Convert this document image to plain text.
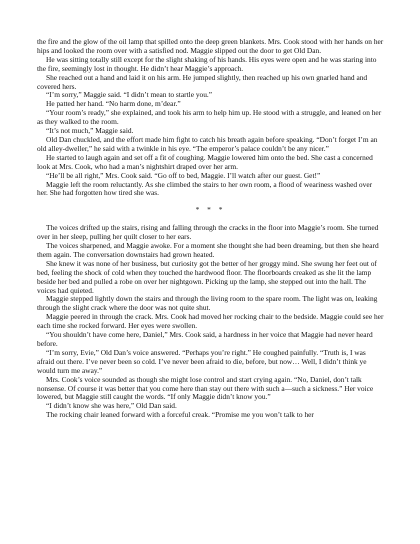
the fire and the glow of the oil lamp that spilled onto the deep green blankets. Mrs. Cook stood with her hands on her hips and looked the room over with a satisfied nod. Maggie slipped out the door to get Old Dan.

He was sitting totally still except for the slight shaking of his hands. His eyes were open and he was staring into the fire, seemingly lost in thought. He didn’t hear Maggie’s approach.

She reached out a hand and laid it on his arm. He jumped slightly, then reached up his own gnarled hand and covered hers.

“I’m sorry,” Maggie said. “I didn’t mean to startle you.”

He patted her hand. “No harm done, m’dear.”

“Your room’s ready,” she explained, and took his arm to help him up. He stood with a struggle, and leaned on her as they walked to the room.

“It’s not much,” Maggie said.

Old Dan chuckled, and the effort made him fight to catch his breath again before speaking. “Don’t forget I’m an old alley-dweller,” he said with a twinkle in his eye. “The emperor’s palace couldn’t be any nicer.”

He started to laugh again and set off a fit of coughing. Maggie lowered him onto the bed. She cast a concerned look at Mrs. Cook, who had a man’s nightshirt draped over her arm.

“He’ll be all right,” Mrs. Cook said. “Go off to bed, Maggie. I’ll watch after our guest. Get!”

Maggie left the room reluctantly. As she climbed the stairs to her own room, a flood of weariness washed over her. She had forgotten how tired she was.

* * *

The voices drifted up the stairs, rising and falling through the cracks in the floor into Maggie’s room. She turned over in her sleep, pulling her quilt closer to her ears.

The voices sharpened, and Maggie awoke. For a moment she thought she had been dreaming, but then she heard them again. The conversation downstairs had grown heated.

She knew it was none of her business, but curiosity got the better of her groggy mind. She swung her feet out of bed, feeling the shock of cold when they touched the hardwood floor. The floorboards creaked as she lit the lamp beside her bed and pulled a robe on over her nightgown. Picking up the lamp, she stepped out into the hall. The voices had quieted.

Maggie stepped lightly down the stairs and through the living room to the spare room. The light was on, leaking through the slight crack where the door was not quite shut.

Maggie peered in through the crack. Mrs. Cook had moved her rocking chair to the bedside. Maggie could see her each time she rocked forward. Her eyes were swollen.

“You shouldn’t have come here, Daniel,” Mrs. Cook said, a hardness in her voice that Maggie had never heard before.

“I’m sorry, Evie,” Old Dan’s voice answered. “Perhaps you’re right.” He coughed painfully. “Truth is, I was afraid out there. I’ve never been so cold. I’ve never been afraid to die, before, but now… Well, I didn’t think ye would turn me away.”

Mrs. Cook’s voice sounded as though she might lose control and start crying again. “No, Daniel, don’t talk nonsense. Of course it was better that you come here than stay out there with such a—such a sickness.” Her voice lowered, but Maggie still caught the words. “If only Maggie didn’t know you.”

“I didn’t know she was here,” Old Dan said.

The rocking chair leaned forward with a forceful creak. “Promise me you won’t talk to her
